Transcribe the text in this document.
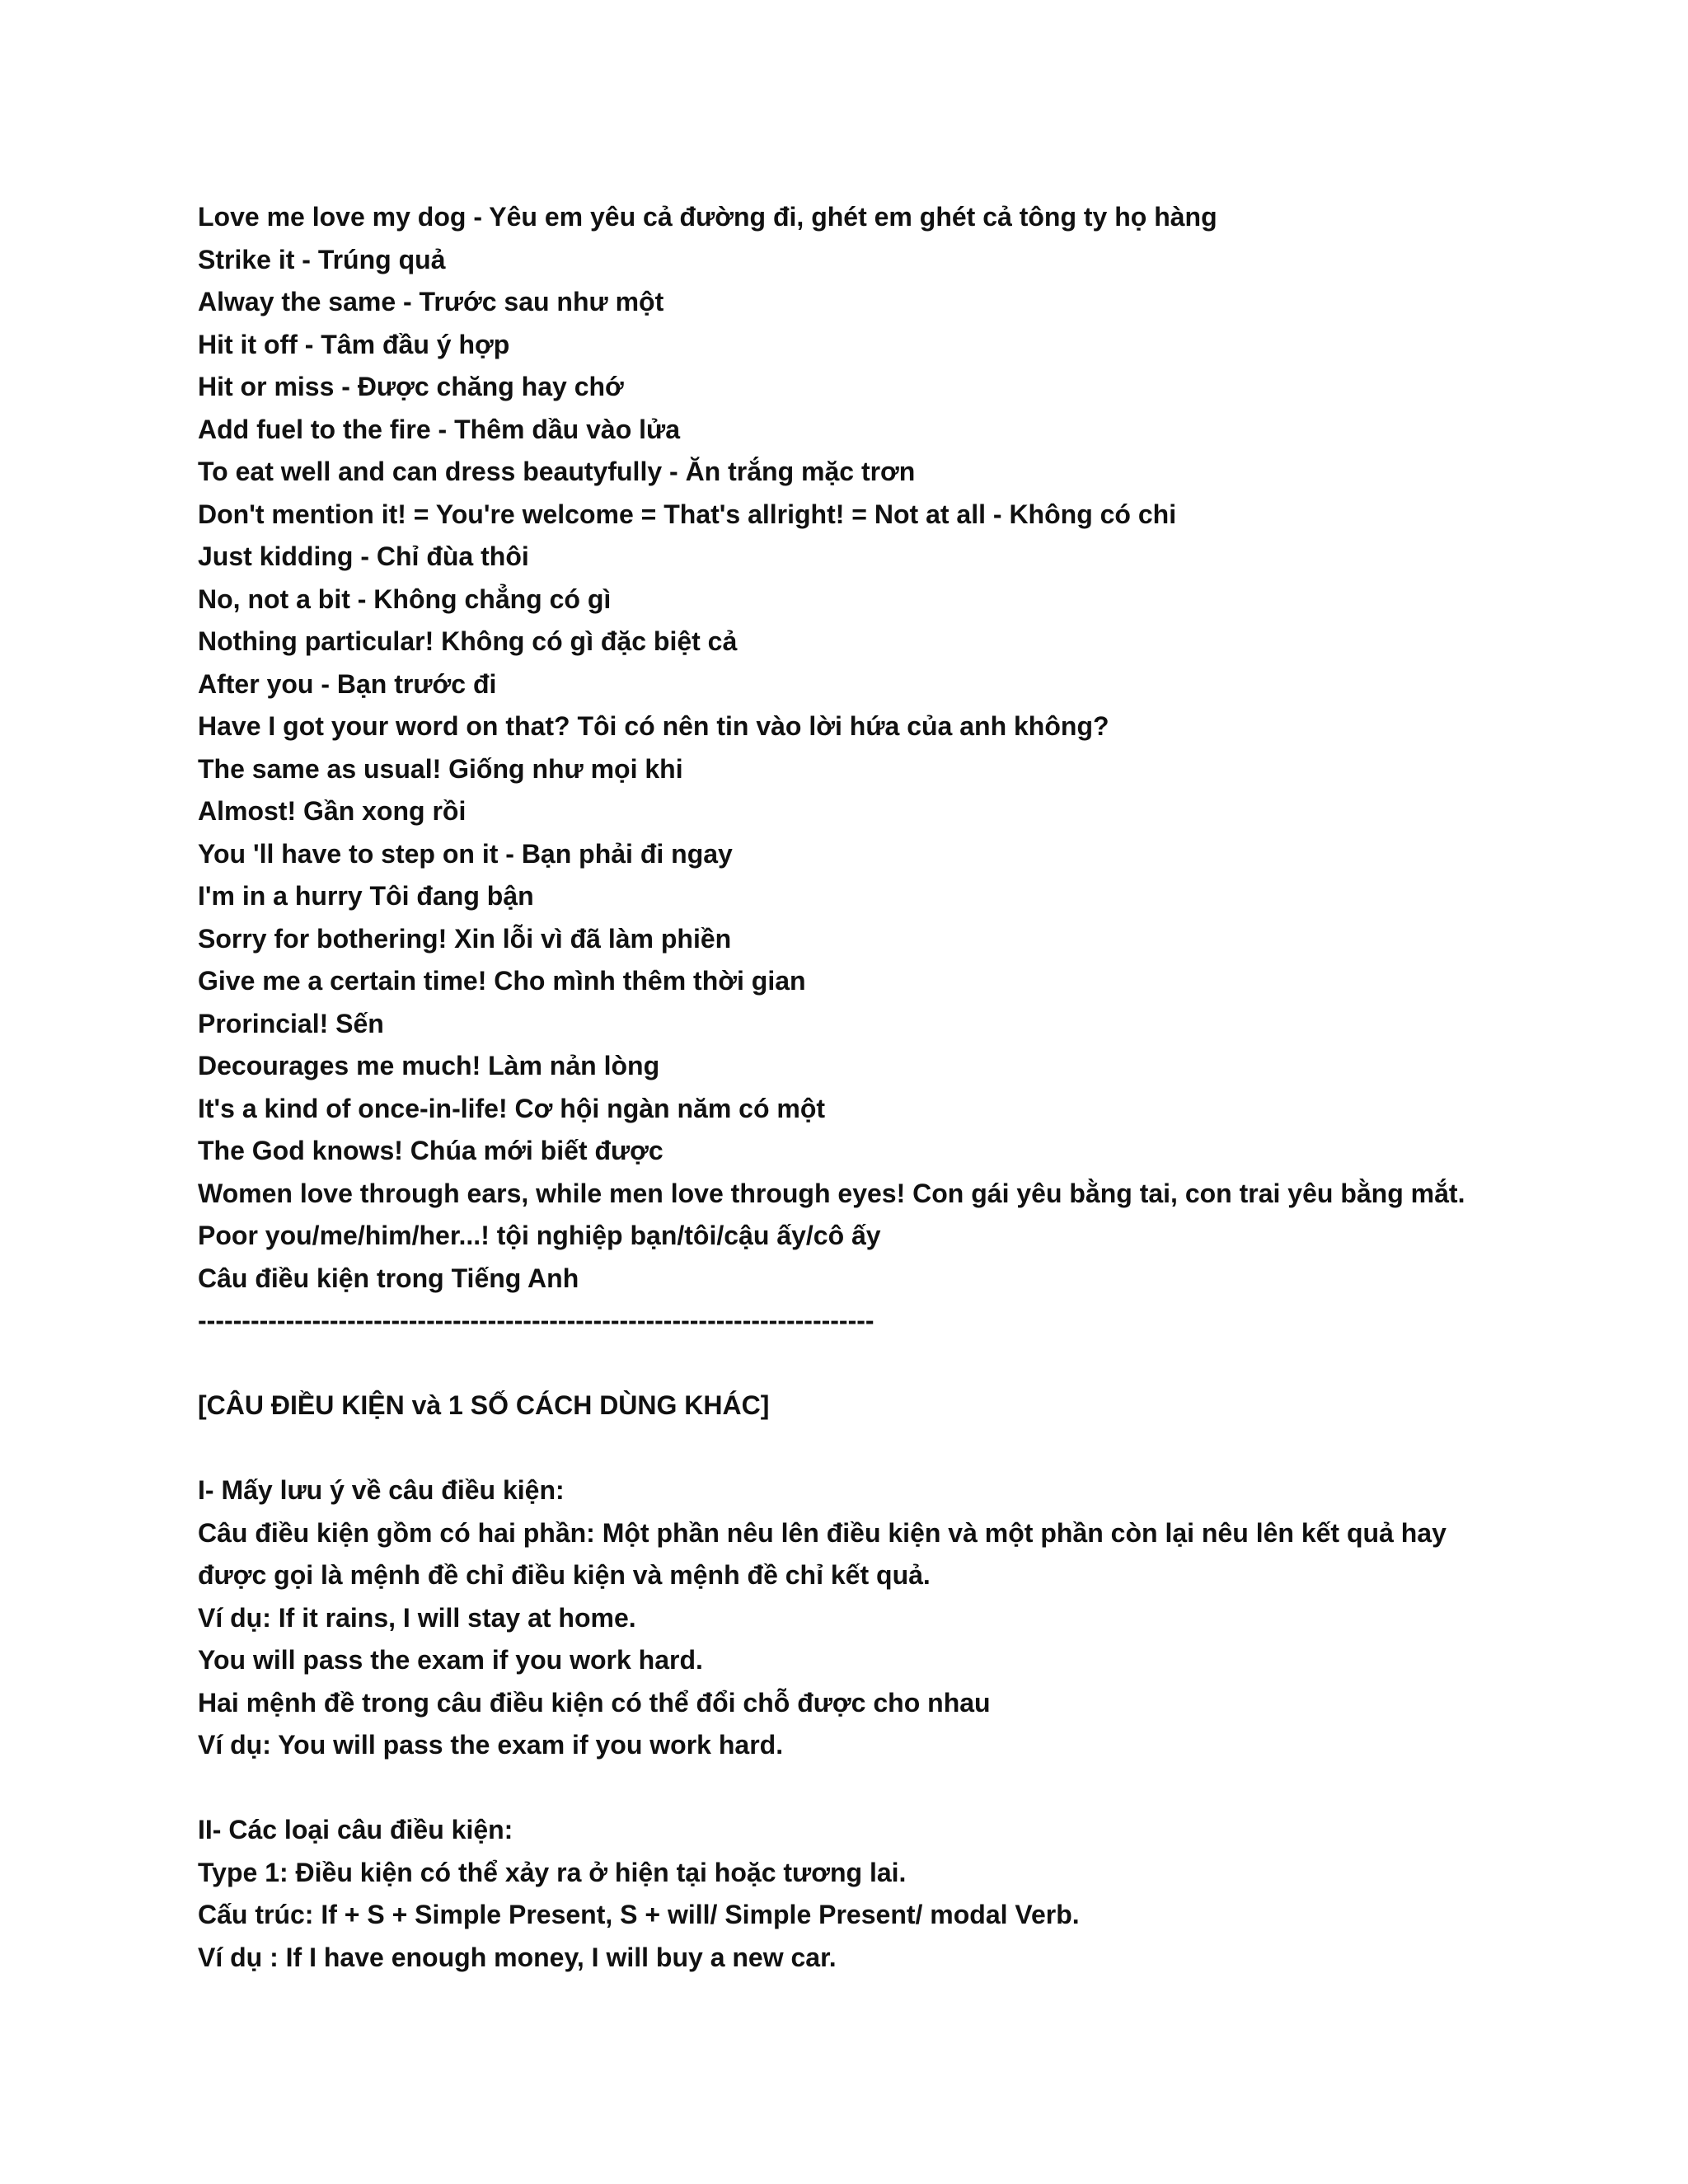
Love me love my dog - Yêu em yêu cả đường đi, ghét em ghét cả tông ty họ hàng

Strike it - Trúng quả

Alway the same - Trước sau như một

Hit it off - Tâm đầu ý hợp

Hit or miss - Được chăng hay chớ

Add fuel to the fire - Thêm dầu vào lửa

To eat well and can dress beautyfully - Ăn trắng mặc trơn

Don't mention it! = You're welcome = That's allright! = Not at all - Không có chi

Just kidding - Chỉ đùa thôi

No, not a bit - Không chẳng có gì

Nothing particular! Không có gì đặc biệt cả

After you - Bạn trước đi

Have I got your word on that? Tôi có nên tin vào lời hứa của anh không?

The same as usual! Giống như mọi khi

Almost! Gần xong rồi

You 'll have to step on it - Bạn phải đi ngay

I'm in a hurry Tôi đang bận

Sorry for bothering! Xin lỗi vì đã làm phiền

Give me a certain time! Cho mình thêm thời gian

Prorincial! Sến

Decourages me much! Làm nản lòng

It's a kind of once-in-life! Cơ hội ngàn năm có một

The God knows! Chúa mới biết được

Women love through ears, while men love through eyes! Con gái yêu bằng tai, con trai yêu bằng mắt.

Poor you/me/him/her...! tội nghiệp bạn/tôi/cậu ấy/cô ấy

Câu điều kiện trong Tiếng Anh

-----------------------------------------------------------------------------

[CÂU ĐIỀU KIỆN và 1 SỐ CÁCH DÙNG KHÁC]

I- Mấy lưu ý về câu điều kiện:

Câu điều kiện gồm có hai phần: Một phần nêu lên điều kiện và một phần còn lại nêu lên kết quả hay

được gọi là mệnh đề chỉ điều kiện và mệnh đề chỉ kết quả.

Ví dụ: If it rains, I will stay at home.

You will pass the exam if you work hard.

Hai mệnh đề trong câu điều kiện có thể đổi chỗ được cho nhau

Ví dụ: You will pass the exam if you work hard.

II- Các loại câu điều kiện:

Type 1: Điều kiện có thể xảy ra ở hiện tại hoặc tương lai.

Cấu trúc: If + S + Simple Present, S + will/ Simple Present/ modal Verb.

Ví dụ : If I have enough money, I will buy a new car.
